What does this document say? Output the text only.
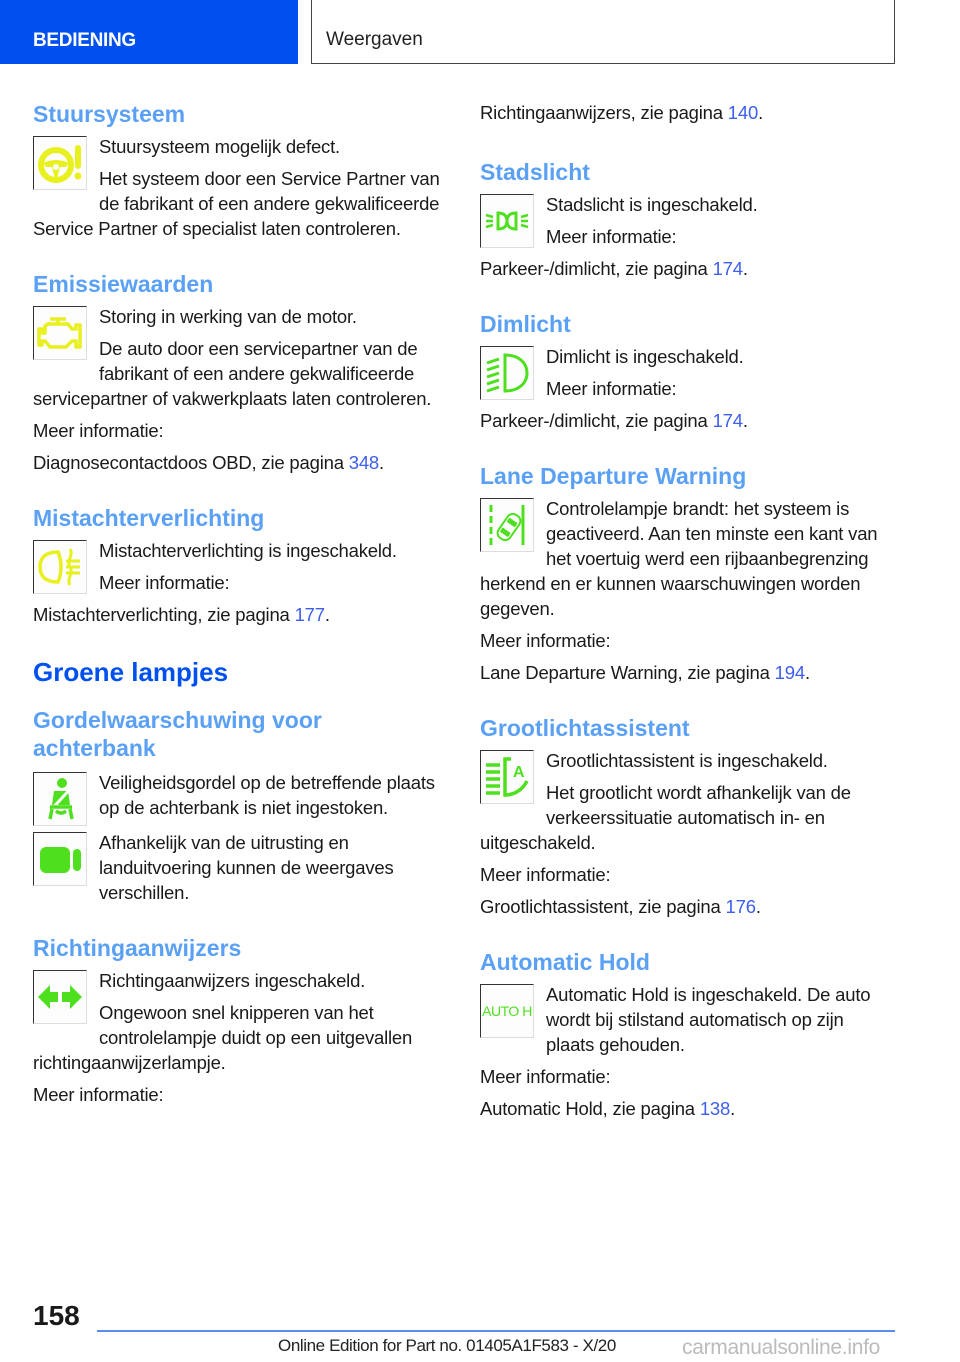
BEDIENING	Weergaven
Stuursysteem

Stuursysteem mogelijk defect.

Het systeem door een Service Partner van de fabrikant of een andere gekwalificeerde Service Partner of specialist laten controleren.

Emissiewaarden

Storing in werking van de motor.

De auto door een servicepartner van de fabrikant of een andere gekwalificeerde servicepartner of vakwerkplaats laten controleren.

Meer informatie:

Diagnosecontactdoos OBD, zie pagina 348.

Mistachterverlichting

Mistachterverlichting is ingeschakeld.

Meer informatie:

Mistachterverlichting, zie pagina 177.

Groene lampjes
Gordelwaarschuwing voor achterbank

Veiligheidsgordel op de betreffende plaats op de achterbank is niet ingestoken.

Afhankelijk van de uitrusting en landuitvoering kunnen de weergaves verschillen.

Richtingaanwijzers

Richtingaanwijzers ingeschakeld.

Ongewoon snel knipperen van het controlelampje duidt op een uitgevallen richtingaanwijzerlampje.

Meer informatie:

Richtingaanwijzers, zie pagina 140.

Stadslicht

Stadslicht is ingeschakeld.

Meer informatie:

Parkeer-/dimlicht, zie pagina 174.

Dimlicht

Dimlicht is ingeschakeld.

Meer informatie:

Parkeer-/dimlicht, zie pagina 174.

Lane Departure Warning

Controlelampje brandt: het systeem is geactiveerd. Aan ten minste een kant van het voertuig werd een rijbaanbegrenzing herkend en er kunnen waarschuwingen worden gegeven.

Meer informatie:

Lane Departure Warning, zie pagina 194.

Grootlichtassistent
A

Grootlichtassistent is ingeschakeld.

Het grootlicht wordt afhankelijk van de verkeerssituatie automatisch in- en uitgeschakeld.

Meer informatie:

Grootlichtassistent, zie pagina 176.

Automatic Hold
AUTO H

Automatic Hold is ingeschakeld. De auto wordt bij stilstand automatisch op zijn plaats gehouden.

Meer informatie:

Automatic Hold, zie pagina 138.

158
Online Edition for Part no. 01405A1F583 - X/20	carmanualsonline.info
